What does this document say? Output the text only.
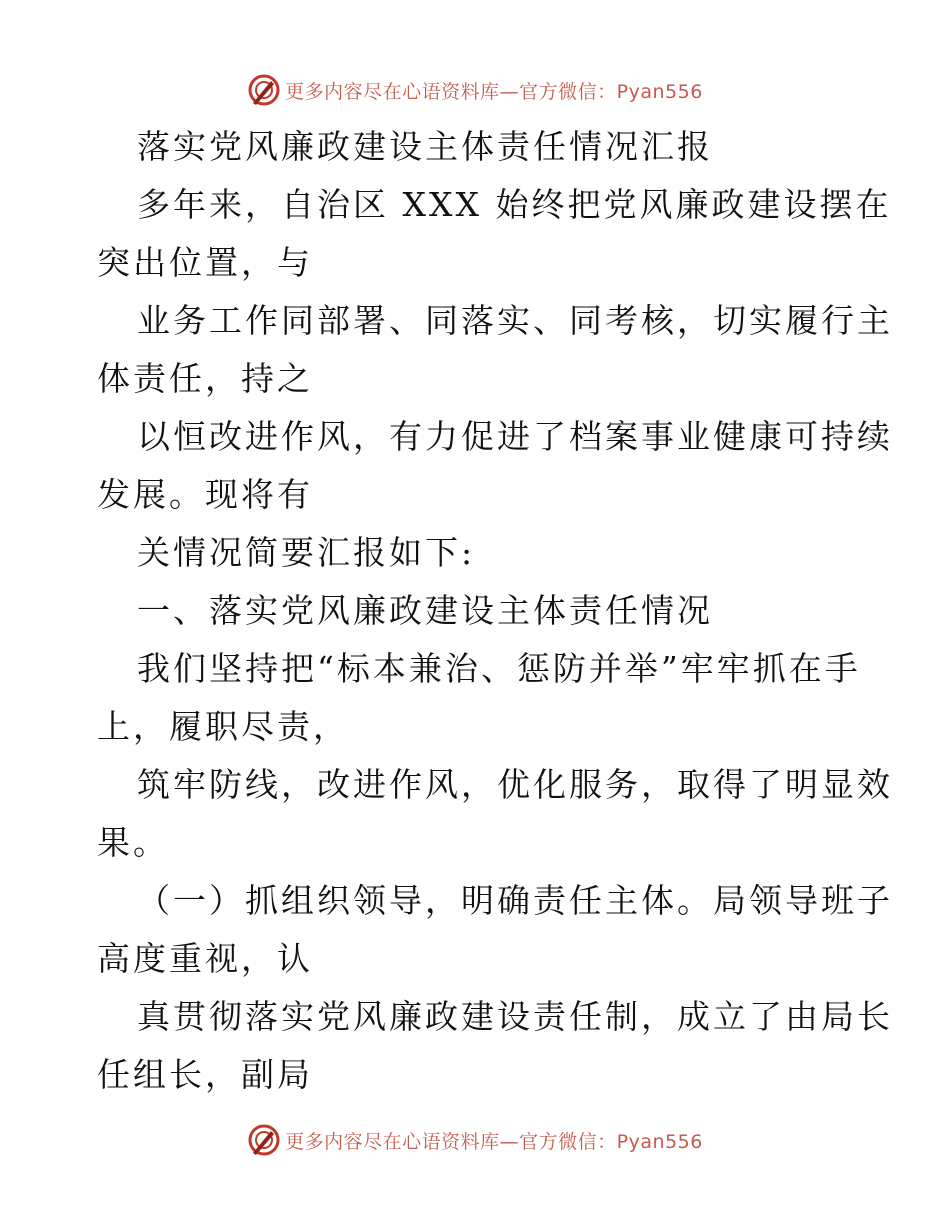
更多内容尽在心语资料库—官方微信：Pyan556
落实党风廉政建设主体责任情况汇报
多年来，自治区 XXX 始终把党风廉政建设摆在
突出位置，与
业务工作同部署、同落实、同考核，切实履行主
体责任，持之
以恒改进作风，有力促进了档案事业健康可持续
发展。现将有
关情况简要汇报如下:
一、落实党风廉政建设主体责任情况
我们坚持把“标本兼治、惩防并举”牢牢抓在手
上，履职尽责，
筑牢防线，改进作风，优化服务，取得了明显效
果。
（一）抓组织领导，明确责任主体。局领导班子
高度重视，认
真贯彻落实党风廉政建设责任制，成立了由局长
任组长，副局
更多内容尽在心语资料库—官方微信：Pyan556
